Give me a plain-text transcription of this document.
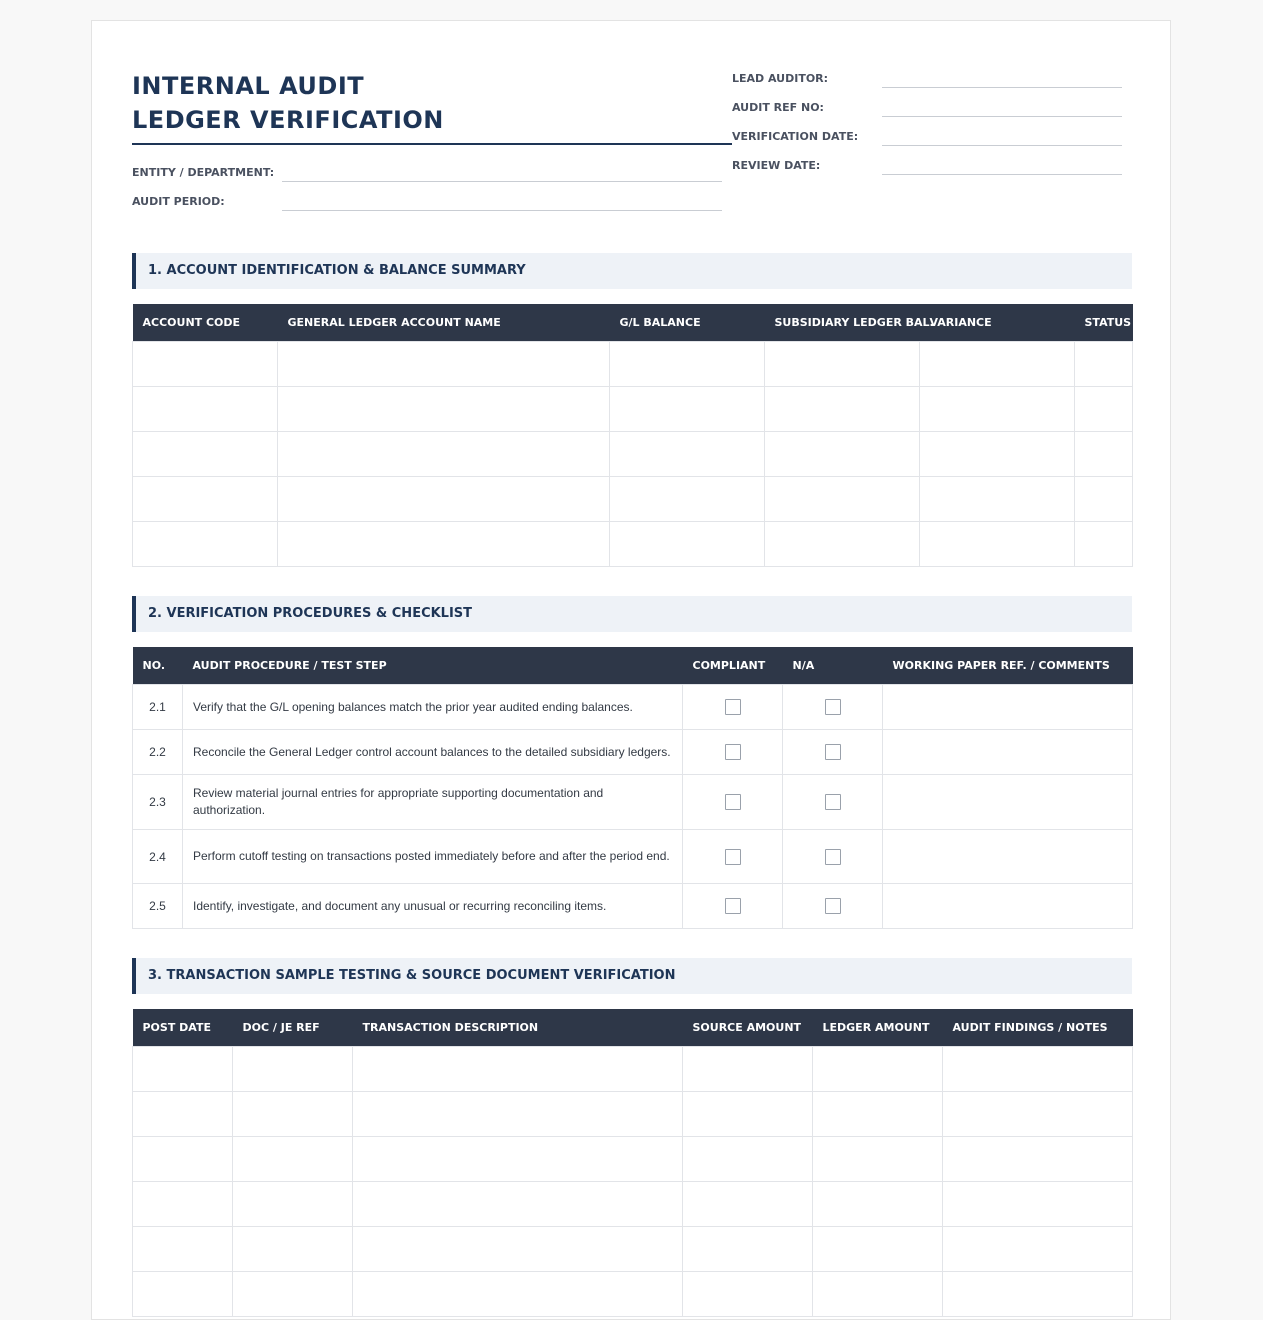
INTERNAL AUDIT
LEDGER VERIFICATION
ENTITY / DEPARTMENT:
AUDIT PERIOD:
LEAD AUDITOR:
AUDIT REF NO:
VERIFICATION DATE:
REVIEW DATE:
1. ACCOUNT IDENTIFICATION & BALANCE SUMMARY
ACCOUNT CODE	GENERAL LEDGER ACCOUNT NAME	G/L BALANCE	SUBSIDIARY LEDGER BAL.	VARIANCE	STATUS

2. VERIFICATION PROCEDURES & CHECKLIST
NO.	AUDIT PROCEDURE / TEST STEP	COMPLIANT	N/A	WORKING PAPER REF. / COMMENTS
2.1	Verify that the G/L opening balances match the prior year audited ending balances.			
2.2	Reconcile the General Ledger control account balances to the detailed subsidiary ledgers.			
2.3	Review material journal entries for appropriate supporting documentation and authorization.			
2.4	Perform cutoff testing on transactions posted immediately before and after the period end.			
2.5	Identify, investigate, and document any unusual or recurring reconciling items.			
3. TRANSACTION SAMPLE TESTING & SOURCE DOCUMENT VERIFICATION
POST DATE	DOC / JE REF	TRANSACTION DESCRIPTION	SOURCE AMOUNT	LEDGER AMOUNT	AUDIT FINDINGS / NOTES
